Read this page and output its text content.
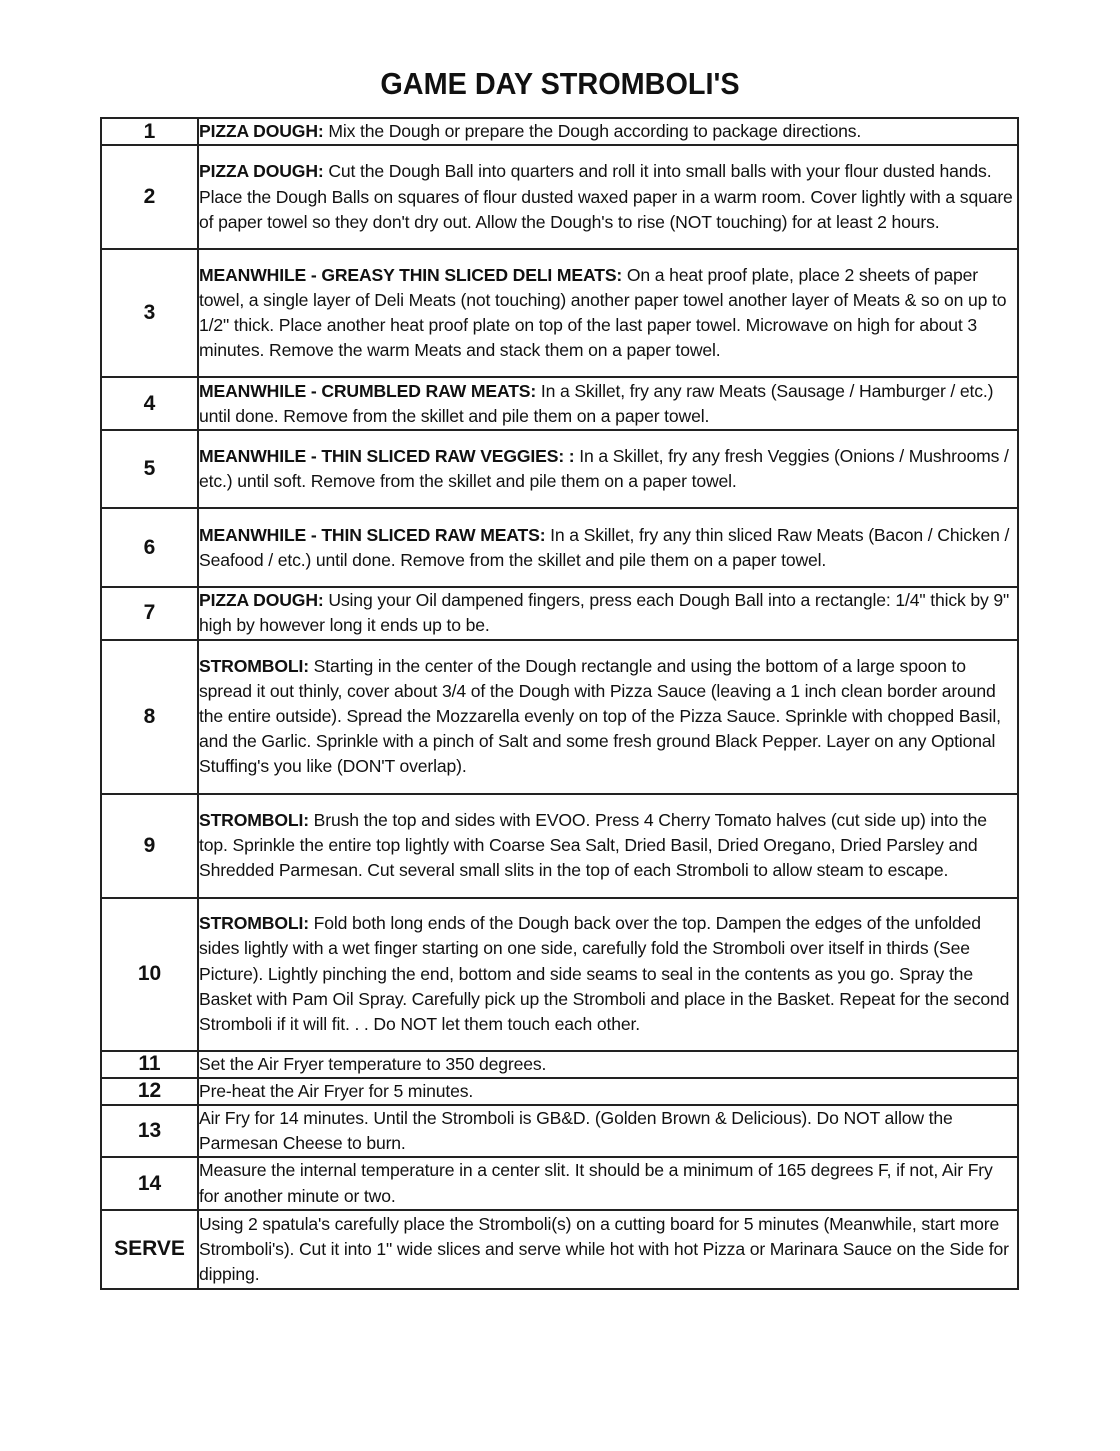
GAME DAY STROMBOLI'S
1	PIZZA DOUGH: Mix the Dough or prepare the Dough according to package directions.
2	PIZZA DOUGH: Cut the Dough Ball into quarters and roll it into small balls with your flour dusted hands. Place the Dough Balls on squares of flour dusted waxed paper in a warm room. Cover lightly with a square of paper towel so they don't dry out. Allow the Dough's to rise (NOT touching) for at least 2 hours.
3	MEANWHILE - GREASY THIN SLICED DELI MEATS: On a heat proof plate, place 2 sheets of paper towel, a single layer of Deli Meats (not touching) another paper towel another layer of Meats & so on up to 1/2" thick. Place another heat proof plate on top of the last paper towel. Microwave on high for about 3 minutes. Remove the warm Meats and stack them on a paper towel.
4	MEANWHILE - CRUMBLED RAW MEATS: In a Skillet, fry any raw Meats (Sausage / Hamburger / etc.) until done. Remove from the skillet and pile them on a paper towel.
5	MEANWHILE - THIN SLICED RAW VEGGIES: : In a Skillet, fry any fresh Veggies (Onions / Mushrooms / etc.) until soft. Remove from the skillet and pile them on a paper towel.
6	MEANWHILE - THIN SLICED RAW MEATS: In a Skillet, fry any thin sliced Raw Meats (Bacon / Chicken / Seafood / etc.) until done. Remove from the skillet and pile them on a paper towel.
7	PIZZA DOUGH: Using your Oil dampened fingers, press each Dough Ball into a rectangle: 1/4" thick by 9" high by however long it ends up to be.
8	STROMBOLI: Starting in the center of the Dough rectangle and using the bottom of a large spoon to spread it out thinly, cover about 3/4 of the Dough with Pizza Sauce (leaving a 1 inch clean border around the entire outside). Spread the Mozzarella evenly on top of the Pizza Sauce. Sprinkle with chopped Basil, and the Garlic. Sprinkle with a pinch of Salt and some fresh ground Black Pepper. Layer on any Optional Stuffing's you like (DON'T overlap).
9	STROMBOLI: Brush the top and sides with EVOO. Press 4 Cherry Tomato halves (cut side up) into the top. Sprinkle the entire top lightly with Coarse Sea Salt, Dried Basil, Dried Oregano, Dried Parsley and Shredded Parmesan. Cut several small slits in the top of each Stromboli to allow steam to escape.
10	STROMBOLI: Fold both long ends of the Dough back over the top. Dampen the edges of the unfolded sides lightly with a wet finger starting on one side, carefully fold the Stromboli over itself in thirds (See Picture). Lightly pinching the end, bottom and side seams to seal in the contents as you go. Spray the Basket with Pam Oil Spray. Carefully pick up the Stromboli and place in the Basket. Repeat for the second Stromboli if it will fit. . . Do NOT let them touch each other.
11	Set the Air Fryer temperature to 350 degrees.
12	Pre-heat the Air Fryer for 5 minutes.
13	Air Fry for 14 minutes. Until the Stromboli is GB&D. (Golden Brown & Delicious). Do NOT allow the Parmesan Cheese to burn.
14	Measure the internal temperature in a center slit. It should be a minimum of 165 degrees F, if not, Air Fry for another minute or two.
SERVE	Using 2 spatula's carefully place the Stromboli(s) on a cutting board for 5 minutes (Meanwhile, start more Stromboli's). Cut it into 1" wide slices and serve while hot with hot Pizza or Marinara Sauce on the Side for dipping.
